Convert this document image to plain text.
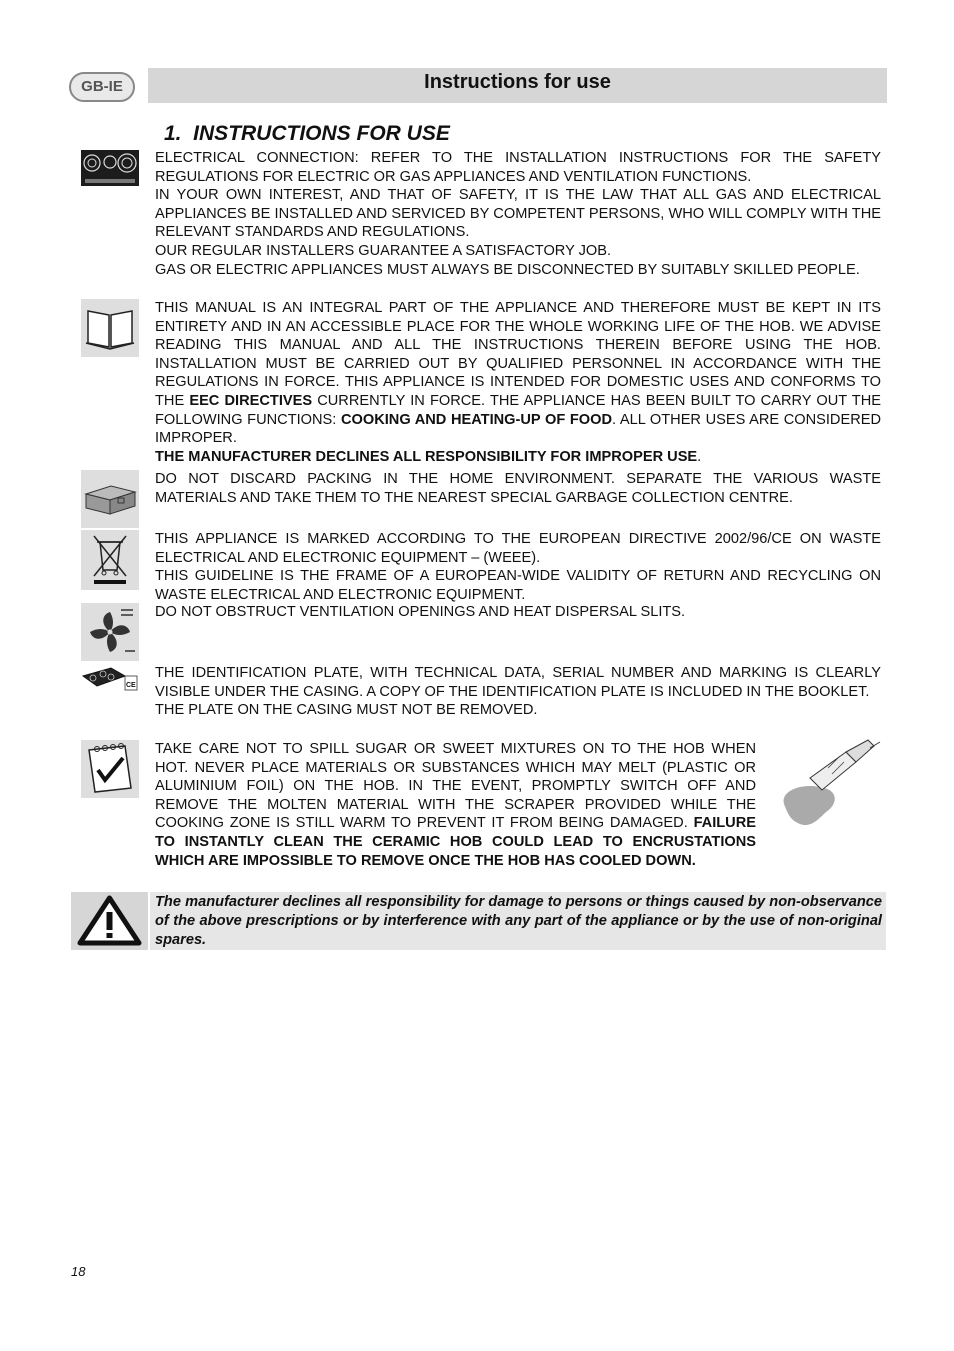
GB-IE	Instructions for use
1.  INSTRUCTIONS FOR USE

ELECTRICAL CONNECTION: REFER TO THE INSTALLATION INSTRUCTIONS FOR THE SAFETY REGULATIONS FOR ELECTRIC OR GAS APPLIANCES AND VENTILATION FUNCTIONS.

IN YOUR OWN INTEREST, AND THAT OF SAFETY, IT IS THE LAW THAT ALL GAS AND ELECTRICAL APPLIANCES BE INSTALLED AND SERVICED BY COMPETENT PERSONS, WHO WILL COMPLY WITH THE RELEVANT STANDARDS AND REGULATIONS.

OUR REGULAR INSTALLERS GUARANTEE A SATISFACTORY JOB.

GAS OR ELECTRIC APPLIANCES MUST ALWAYS BE DISCONNECTED BY SUITABLY SKILLED PEOPLE.

THIS MANUAL IS AN INTEGRAL PART OF THE APPLIANCE AND THEREFORE MUST BE KEPT IN ITS ENTIRETY AND IN AN ACCESSIBLE PLACE FOR THE WHOLE WORKING LIFE OF THE HOB. WE ADVISE READING THIS MANUAL AND ALL THE INSTRUCTIONS THEREIN BEFORE USING THE HOB. INSTALLATION MUST BE CARRIED OUT BY QUALIFIED PERSONNEL IN ACCORDANCE WITH THE REGULATIONS IN FORCE. THIS APPLIANCE IS INTENDED FOR DOMESTIC USES AND CONFORMS TO THE EEC DIRECTIVES CURRENTLY IN FORCE. THE APPLIANCE HAS BEEN BUILT TO CARRY OUT THE FOLLOWING FUNCTIONS: COOKING AND HEATING-UP OF FOOD. ALL OTHER USES ARE CONSIDERED IMPROPER.

THE MANUFACTURER DECLINES ALL RESPONSIBILITY FOR IMPROPER USE.

DO NOT DISCARD PACKING IN THE HOME ENVIRONMENT. SEPARATE THE VARIOUS WASTE MATERIALS AND TAKE THEM TO THE NEAREST SPECIAL GARBAGE COLLECTION CENTRE.

THIS APPLIANCE IS MARKED ACCORDING TO THE EUROPEAN DIRECTIVE 2002/96/CE ON WASTE ELECTRICAL AND ELECTRONIC EQUIPMENT – (WEEE).

THIS GUIDELINE IS THE FRAME OF A EUROPEAN-WIDE VALIDITY OF RETURN AND RECYCLING ON WASTE ELECTRICAL AND ELECTRONIC EQUIPMENT.

DO NOT OBSTRUCT VENTILATION OPENINGS AND HEAT DISPERSAL SLITS.

CE

THE IDENTIFICATION PLATE, WITH TECHNICAL DATA, SERIAL NUMBER AND MARKING IS CLEARLY VISIBLE UNDER THE CASING. A COPY OF THE IDENTIFICATION PLATE IS INCLUDED IN THE BOOKLET.

THE PLATE ON THE CASING MUST NOT BE REMOVED.

TAKE CARE NOT TO SPILL SUGAR OR SWEET MIXTURES ON TO THE HOB WHEN HOT. NEVER PLACE MATERIALS OR SUBSTANCES WHICH MAY MELT (PLASTIC OR ALUMINIUM FOIL) ON THE HOB. IN THE EVENT, PROMPTLY SWITCH OFF AND REMOVE THE MOLTEN MATERIAL WITH THE SCRAPER PROVIDED WHILE THE COOKING ZONE IS STILL WARM TO PREVENT IT FROM BEING DAMAGED. FAILURE TO INSTANTLY CLEAN THE CERAMIC HOB COULD LEAD TO ENCRUSTATIONS WHICH ARE IMPOSSIBLE TO REMOVE ONCE THE HOB HAS COOLED DOWN.

The manufacturer declines all responsibility for damage to persons or things caused by non-observance of the above prescriptions or by interference with any part of the appliance or by the use of non-original spares.
18
